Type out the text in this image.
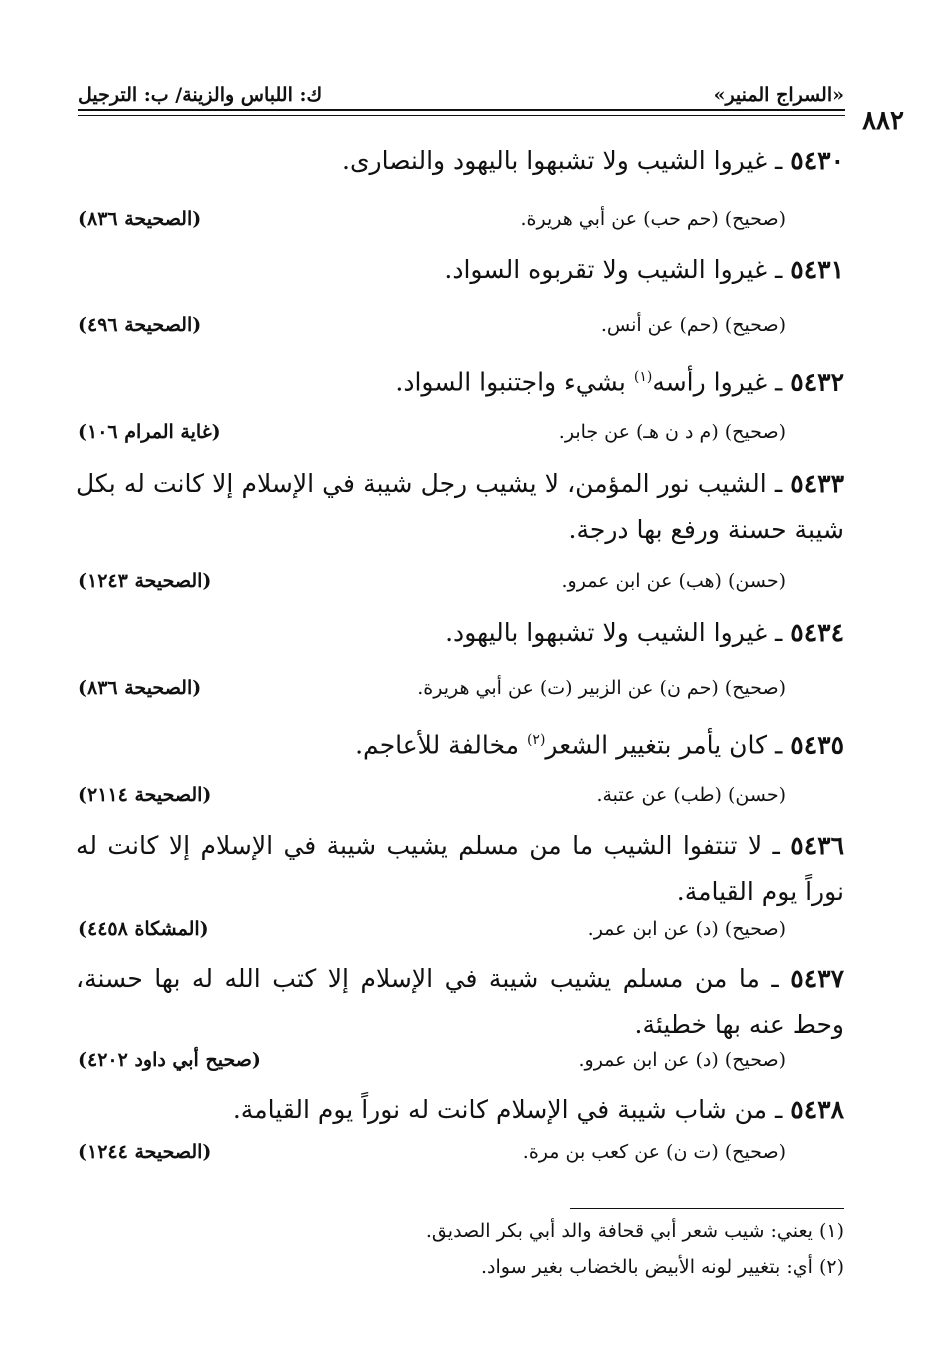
«السراج المنير»
ك: اللباس والزينة/ ب: الترجيل
٨٨٢
٥٤٣٠ ـ غيروا الشيب ولا تشبهوا باليهود والنصارى.
(صحيح) (حم حب) عن أبي هريرة.
(الصحيحة ٨٣٦)
٥٤٣١ ـ غيروا الشيب ولا تقربوه السواد.
(صحيح) (حم) عن أنس.
(الصحيحة ٤٩٦)
٥٤٣٢ ـ غيروا رأسه$^{(١)}$ بشيء واجتنبوا السواد.
(صحيح) (م د ن هـ) عن جابر.
(غاية المرام ١٠٦)
٥٤٣٣ ـ الشيب نور المؤمن، لا يشيب رجل شيبة في الإسلام إلا كانت له بكل شيبة حسنة ورفع بها درجة.
(حسن) (هب) عن ابن عمرو.
(الصحيحة ١٢٤٣)
٥٤٣٤ ـ غيروا الشيب ولا تشبهوا باليهود.
(صحيح) (حم ن) عن الزبير (ت) عن أبي هريرة.
(الصحيحة ٨٣٦)
٥٤٣٥ ـ كان يأمر بتغيير الشعر$^{(٢)}$ مخالفة للأعاجم.
(حسن) (طب) عن عتبة.
(الصحيحة ٢١١٤)
٥٤٣٦ ـ لا تنتفوا الشيب ما من مسلم يشيب شيبة في الإسلام إلا كانت له نوراً يوم القيامة.
(صحيح) (د) عن ابن عمر.
(المشكاة ٤٤٥٨)
٥٤٣٧ ـ ما من مسلم يشيب شيبة في الإسلام إلا كتب الله له بها حسنة، وحط عنه بها خطيئة.
(صحيح) (د) عن ابن عمرو.
(صحيح أبي داود ٤٢٠٢)
٥٤٣٨ ـ من شاب شيبة في الإسلام كانت له نوراً يوم القيامة.
(صحيح) (ت ن) عن كعب بن مرة.
(الصحيحة ١٢٤٤)
(١) يعني: شيب شعر أبي قحافة والد أبي بكر الصديق.
(٢) أي: بتغيير لونه الأبيض بالخضاب بغير سواد.
